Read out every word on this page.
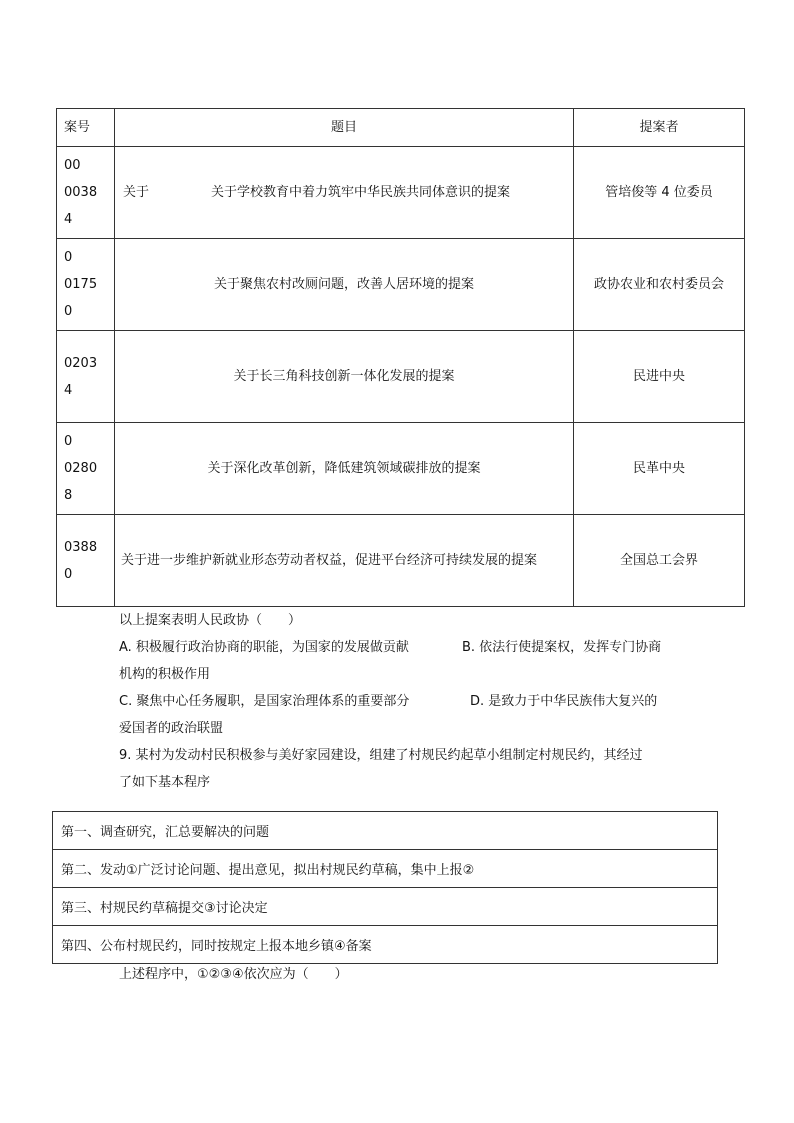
案号	题目	提案者

00
0038
4	关于 关于学校教育中着力筑牢中华民族共同体意识的提案	管培俊等 4 位委员

0
0175
0	关于聚焦农村改厕问题，改善人居环境的提案	政协农业和农村委员会

0203
4	关于长三角科技创新一体化发展的提案	民进中央

0
0280
8	关于深化改革创新，降低建筑领域碳排放的提案	民革中央

0388
0	关于进一步维护新就业形态劳动者权益，促进平台经济可持续发展的提案	全国总工会界
以上提案表明人民政协（　　）
A. 积极履行政治协商的职能，为国家的发展做贡献	B. 依法行使提案权，发挥专门协商
机构的积极作用
C. 聚焦中心任务履职，是国家治理体系的重要部分	D. 是致力于中华民族伟大复兴的
爱国者的政治联盟
9. 某村为发动村民积极参与美好家园建设，组建了村规民约起草小组制定村规民约，其经过
了如下基本程序
第一、调查研究，汇总要解决的问题
第二、发动①广泛讨论问题、提出意见，拟出村规民约草稿，集中上报②
第三、村规民约草稿提交③讨论决定
第四、公布村规民约，同时按规定上报本地乡镇④备案
上述程序中，①②③④依次应为（　　）
